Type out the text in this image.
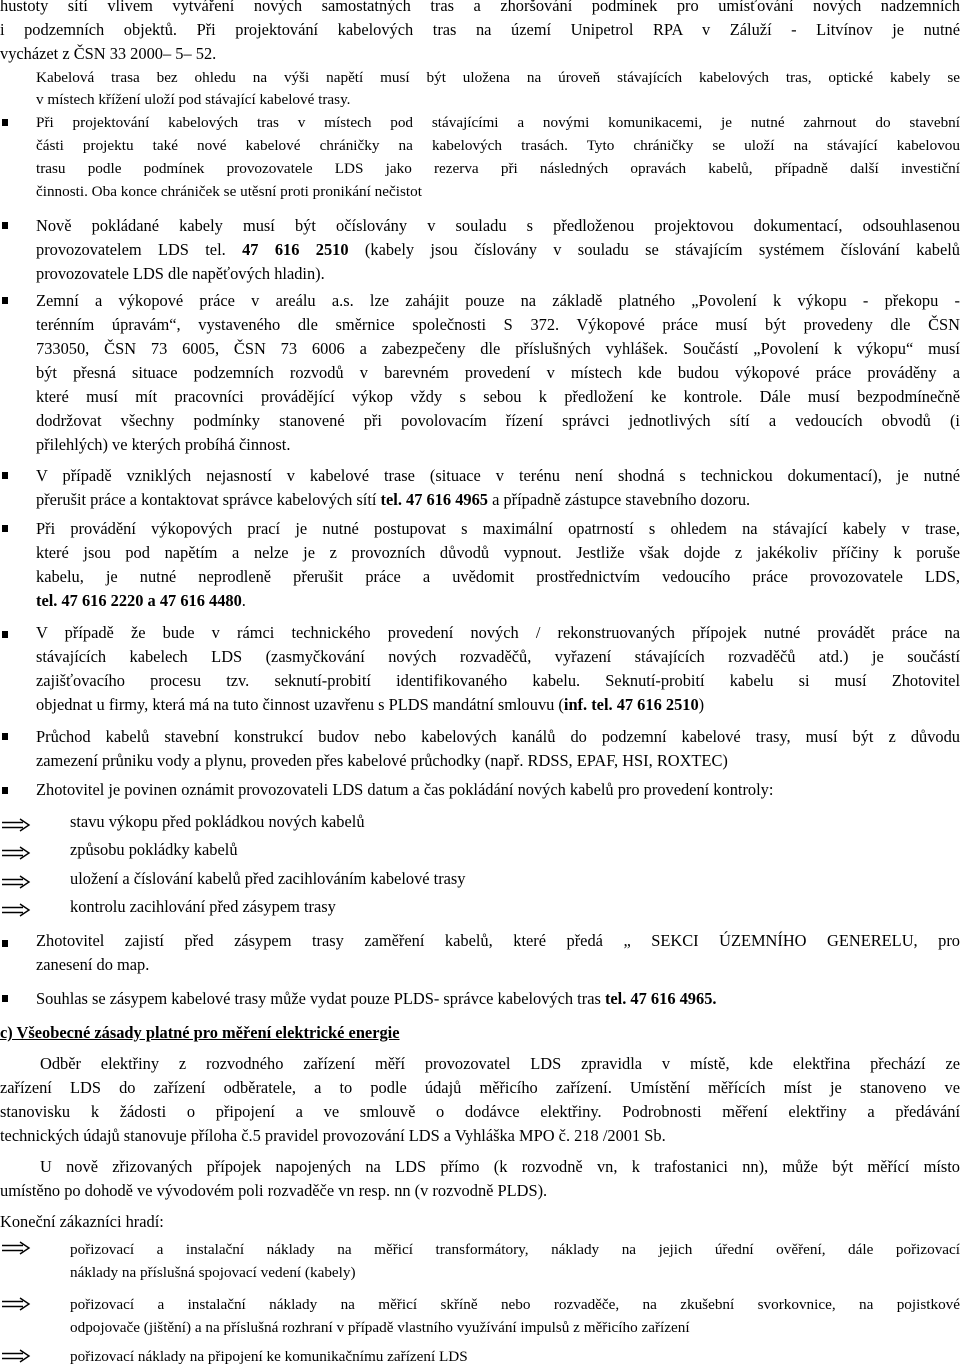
hustoty sítí vlivem vytváření nových samostatných tras a zhoršování podmínek pro umísťování nových nadzemních
i podzemních objektů. Při projektování kabelových tras na území Unipetrol RPA v Záluží - Litvínov je nutné
vycházet z ČSN 33 2000– 5– 52.
Kabelová trasa bez ohledu na výši napětí musí být uložena na úroveň stávajících kabelových tras, optické kabely se
v místech křížení uloží pod stávající kabelové trasy.
Při projektování kabelových tras v místech pod stávajícími a novými komunikacemi, je nutné zahrnout do stavební
části projektu také nové kabelové chráničky na kabelových trasách. Tyto chráničky se uloží na stávající kabelovou
trasu podle podmínek provozovatele LDS jako rezerva při následných opravách kabelů, případně další investiční
činnosti. Oba konce chrániček se utěsní proti pronikání nečistot
Nově pokládané kabely musí být očíslovány v souladu s předloženou projektovou dokumentací, odsouhlasenou
provozovatelem LDS tel. 47 616 2510 (kabely jsou číslovány v souladu se stávajícím systémem číslování kabelů
provozovatele LDS dle napěťových hladin).
Zemní a výkopové práce v areálu a.s. lze zahájit pouze na základě platného „Povolení k výkopu - překopu -
terénním úpravám“, vystaveného dle směrnice společnosti S 372. Výkopové práce musí být provedeny dle ČSN
733050, ČSN 73 6005, ČSN 73 6006 a zabezpečeny dle příslušných vyhlášek. Součástí „Povolení k výkopu“ musí
být přesná situace podzemních rozvodů v barevném provedení v místech kde budou výkopové práce prováděny a
které musí mít pracovníci provádějící výkop vždy s sebou k předložení ke kontrole. Dále musí bezpodmínečně
dodržovat všechny podmínky stanovené při povolovacím řízení správci jednotlivých sítí a vedoucích obvodů (i
přilehlých) ve kterých probíhá činnost.
V případě vzniklých nejasností v kabelové trase (situace v terénu není shodná s technickou dokumentací), je nutné
přerušit práce a kontaktovat správce kabelových sítí tel. 47 616 4965 a případně zástupce stavebního dozoru.
Při provádění výkopových prací je nutné postupovat s maximální opatrností s ohledem na stávající kabely v trase,
které jsou pod napětím a nelze je z provozních důvodů vypnout. Jestliže však dojde z jakékoliv příčiny k poruše
kabelu, je nutné neprodleně přerušit práce a uvědomit prostřednictvím vedoucího práce provozovatele LDS,
tel. 47 616 2220 a 47 616 4480.
V případě že bude v rámci technického provedení nových / rekonstruovaných přípojek nutné provádět práce na
stávajících kabelech LDS (zasmyčkování nových rozvaděčů, vyřazení stávajících rozvaděčů atd.) je součástí
zajišťovacího procesu tzv. seknutí-probití identifikovaného kabelu. Seknutí-probití kabelu si musí Zhotovitel
objednat u firmy, která má na tuto činnost uzavřenu s PLDS mandátní smlouvu (inf. tel. 47 616 2510)
Průchod kabelů stavební konstrukcí budov nebo kabelových kanálů do podzemní kabelové trasy, musí být z důvodu
zamezení průniku vody a plynu, proveden přes kabelové průchodky (např. RDSS, EPAF, HSI, ROXTEC)
Zhotovitel je povinen oznámit provozovateli LDS datum a čas pokládání nových kabelů pro provedení kontroly:
stavu výkopu před pokládkou nových kabelů
způsobu pokládky kabelů
uložení a číslování kabelů před zacihlováním kabelové trasy
kontrolu zacihlování před zásypem trasy
Zhotovitel zajistí před zásypem trasy zaměření kabelů, které předá „ SEKCI ÚZEMNÍHO GENERELU, pro
zanesení do map.
Souhlas se zásypem kabelové trasy může vydat pouze PLDS- správce kabelových tras tel. 47 616 4965.
c) Všeobecné zásady platné pro měření elektrické energie
Odběr elektřiny z rozvodného zařízení měří provozovatel LDS zpravidla v místě, kde elektřina přechází ze
zařízení LDS do zařízení odběratele, a to podle údajů měřicího zařízení. Umístění měřících míst je stanoveno ve
stanovisku k žádosti o připojení a ve smlouvě o dodávce elektřiny. Podrobnosti měření elektřiny a předávání
technických údajů stanovuje příloha č.5 pravidel provozování LDS a Vyhláška MPO č. 218 /2001 Sb.
U nově zřizovaných přípojek napojených na LDS přímo (k rozvodně vn, k trafostanici nn), může být měřící místo
umístěno po dohodě ve vývodovém poli rozvaděče vn resp. nn (v rozvodně PLDS).
Koneční zákazníci hradí:
pořizovací a instalační náklady na měřicí transformátory, náklady na jejich úřední ověření, dále pořizovací
náklady na příslušná spojovací vedení (kabely)
pořizovací a instalační náklady na měřicí skříně nebo rozvaděče, na zkušební svorkovnice, na pojistkové
odpojovače (jištění) a na příslušná rozhraní v případě vlastního využívání impulsů z měřicího zařízení
pořizovací náklady na připojení ke komunikačnímu zařízení LDS
